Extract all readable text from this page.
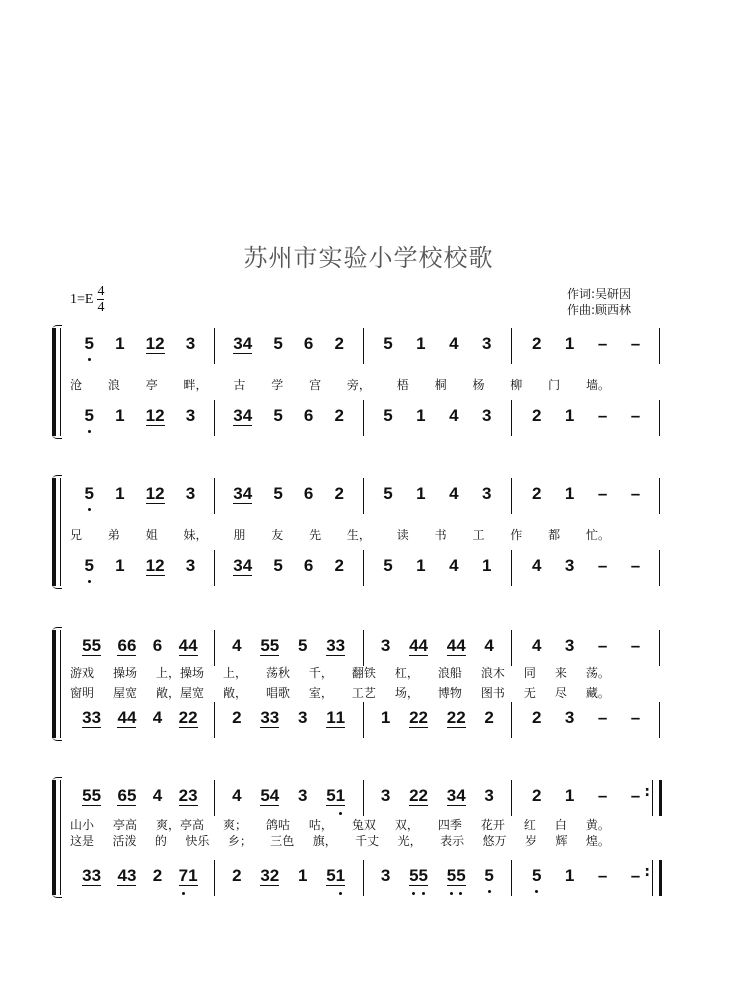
苏州市实验小学校校歌
$1=E \frac{4}{4}$	作词:吴研因
作曲:顾西林
5 1 12 3 34 5 6 2 5 1 4 3 2 1 – –
沧 浪 亭 畔， 古 学 宫 旁， 梧 桐 杨 柳 门 墙。
5 1 12 3 34 5 6 2 5 1 4 3 2 1 – –
5 1 12 3 34 5 6 2 5 1 4 3 2 1 – –
兄 弟 姐 妹， 朋 友 先 生， 读 书 工 作 都 忙。
5 1 12 3 34 5 6 2 5 1 4 1 4 3 – –
55 66 6 44 4 55 5 33 3 44 44 4 4 3 – –
游戏 操场 上，操场 上， 荡秋 千， 翻铁 杠， 浪船 浪木 同 来 荡。
窗明 屋宽 敞，屋宽 敞， 唱歌 室， 工艺 场， 博物 图书 无 尽 藏。
33 44 4 22 2 33 3 11 1 22 22 2 2 3 – –
55 65 4 23 4 54 3 51 3 22 34 3 2 1 – – :
山小 亭高 爽，亭高 爽； 鸽咕 咕， 兔双 双， 四季 花开 红 白 黄。
这是 活泼 的 快乐 乡； 三色 旗， 千丈 光， 表示 悠万 岁 辉 煌。
33 43 2 7
1 2 32 1 51 3 5
5 5
5 5 5 1 – – :
